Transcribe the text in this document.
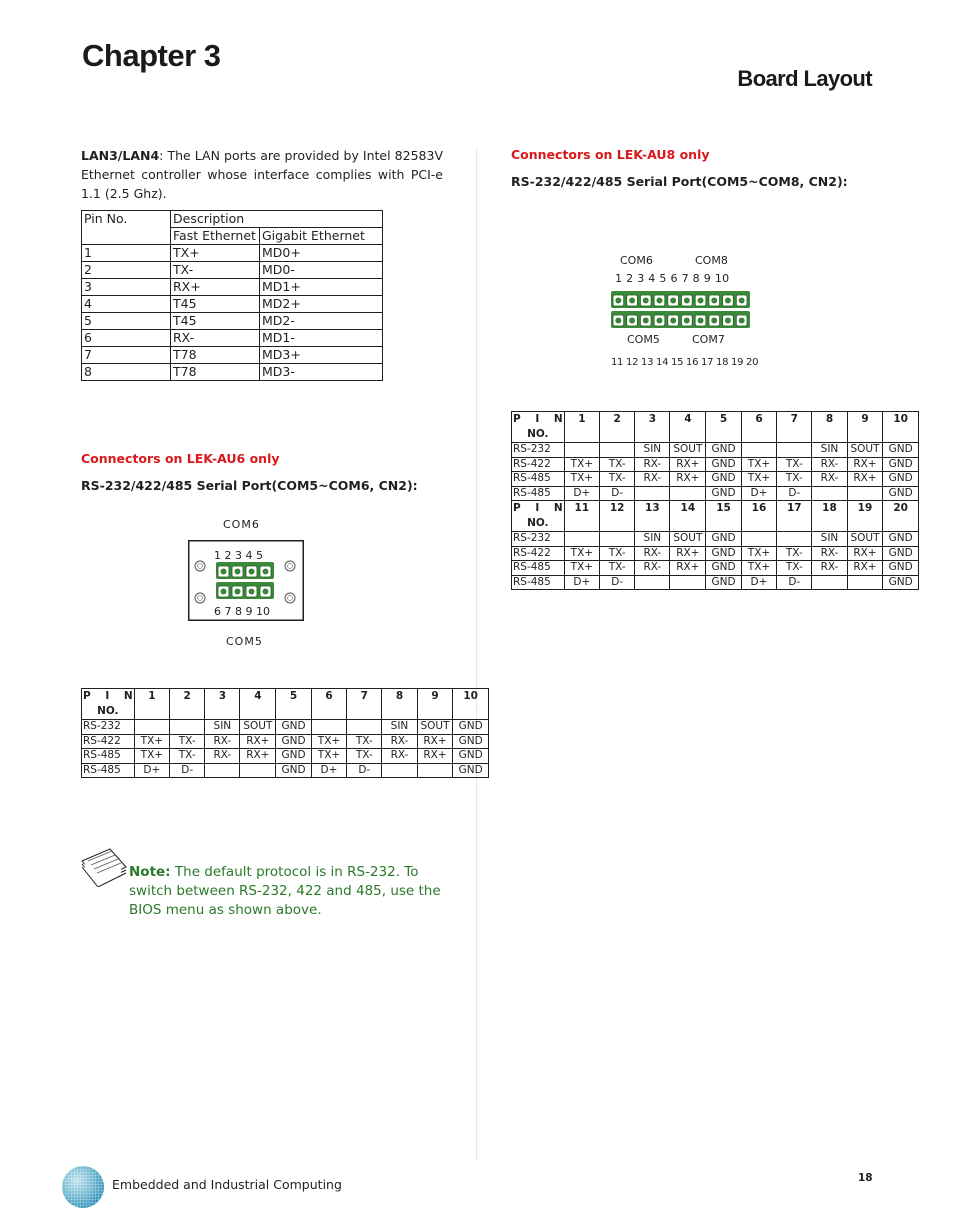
Chapter 3
Board Layout
LAN3/LAN4: The LAN ports are provided by Intel 82583V Ethernet controller whose interface complies with PCI-e 1.1 (2.5 Ghz).
Pin No.	Description	
	Fast Ethernet	Gigabit Ethernet
1	TX+	MD0+
2	TX-	MD0-
3	RX+	MD1+
4	T45	MD2+
5	T45	MD2-
6	RX-	MD1-
7	T78	MD3+
8	T78	MD3-
Connectors on LEK-AU6 only
RS-232/422/485 Serial Port(COM5~COM6, CN2):
COM6
1 2 3 4 5
6 7 8 9 10
COM5
P    I    N
NO.	1	2	3	4	5	6	7	8	9	10
RS-232			SIN	SOUT	GND			SIN	SOUT	GND
RS-422	TX+	TX-	RX-	RX+	GND	TX+	TX-	RX-	RX+	GND
RS-485	TX+	TX-	RX-	RX+	GND	TX+	TX-	RX-	RX+	GND
RS-485	D+	D-			GND	D+	D-			GND
Connectors on LEK-AU8 only
RS-232/422/485 Serial Port(COM5~COM8, CN2):
COM6	COM8
1 2 3 4 5 6 7 8 9 10
COM5	COM7
11 12 13 14 15 16 17 18 19 20
P    I    N
NO.	1	2	3	4	5	6	7	8	9	10
RS-232			SIN	SOUT	GND			SIN	SOUT	GND
RS-422	TX+	TX-	RX-	RX+	GND	TX+	TX-	RX-	RX+	GND
RS-485	TX+	TX-	RX-	RX+	GND	TX+	TX-	RX-	RX+	GND
RS-485	D+	D-			GND	D+	D-			GND

P    I    N
NO.	11	12	13	14	15	16	17	18	19	20
RS-232			SIN	SOUT	GND			SIN	SOUT	GND
RS-422	TX+	TX-	RX-	RX+	GND	TX+	TX-	RX-	RX+	GND
RS-485	TX+	TX-	RX-	RX+	GND	TX+	TX-	RX-	RX+	GND
RS-485	D+	D-			GND	D+	D-			GND
Note: The default protocol is in RS-232. To switch between RS-232, 422 and 485, use the BIOS menu as shown above.
Embedded and Industrial Computing	18
